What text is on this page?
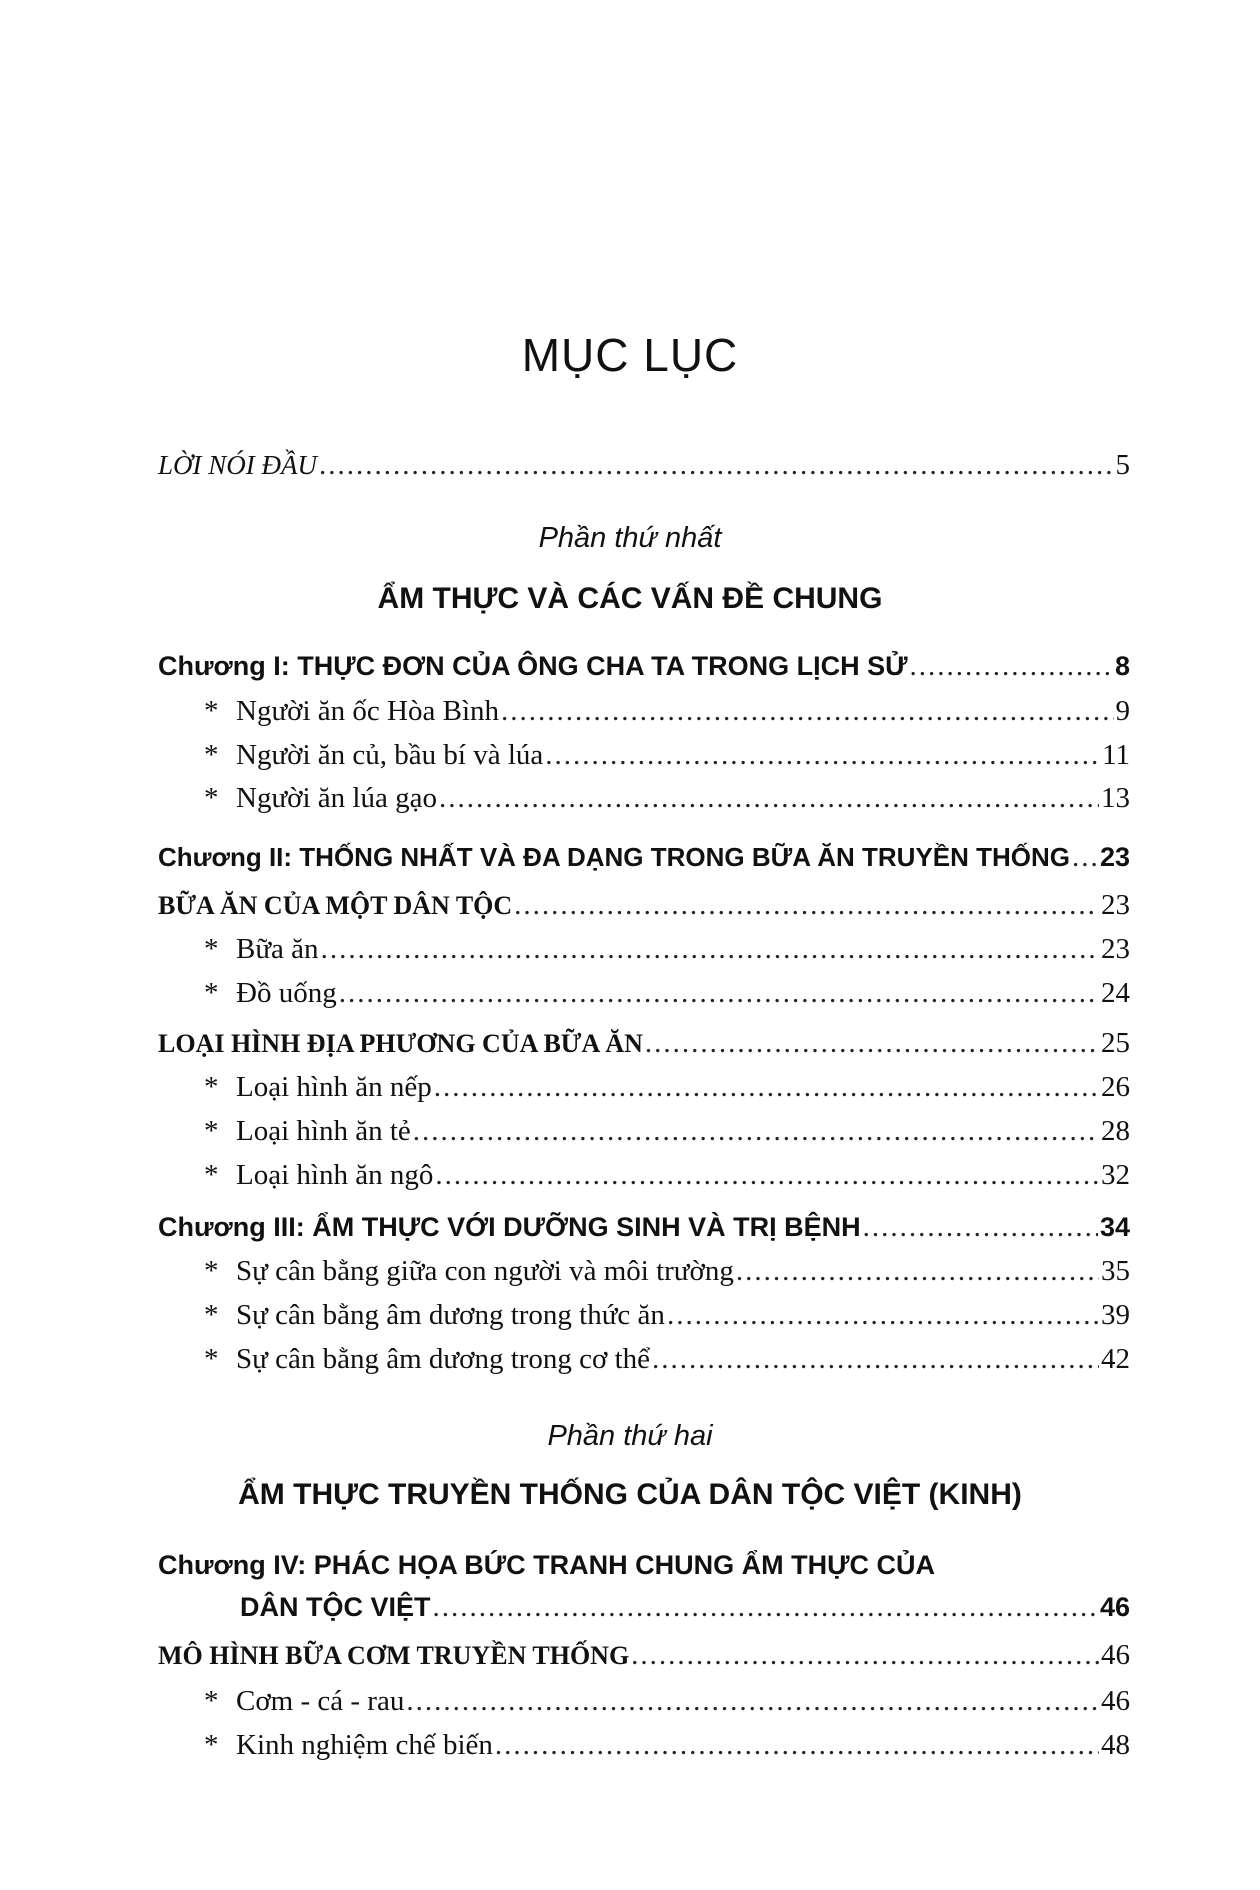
MỤC LỤC
LỜI NÓI ĐẦU .....	5
Phần thứ nhất
ẨM THỰC VÀ CÁC VẤN ĐỀ CHUNG
Chương I: THỰC ĐƠN CỦA ÔNG CHA TA TRONG LỊCH SỬ .....	8
* Người ăn ốc Hòa Bình .....	9
* Người ăn củ, bầu bí và lúa .....	11
* Người ăn lúa gạo .....	13
Chương II: THỐNG NHẤT VÀ ĐA DẠNG TRONG BỮA ĂN TRUYỀN THỐNG ..... 23
BỮA ĂN CỦA MỘT DÂN TỘC .....	23
* Bữa ăn .....	23
* Đồ uống .....	24
LOẠI HÌNH ĐỊA PHƯƠNG CỦA BỮA ĂN .....	25
* Loại hình ăn nếp .....	26
* Loại hình ăn tẻ .....	28
* Loại hình ăn ngô .....	32
Chương III: ẨM THỰC VỚI DƯỠNG SINH VÀ TRỊ BỆNH .....	34
* Sự cân bằng giữa con người và môi trường .....	35
* Sự cân bằng âm dương trong thức ăn .....	39
* Sự cân bằng âm dương trong cơ thể .....	42
Phần thứ hai
ẨM THỰC TRUYỀN THỐNG CỦA DÂN TỘC VIỆT (KINH)
Chương IV: PHÁC HỌA BỨC TRANH CHUNG ẨM THỰC CỦA
DÂN TỘC VIỆT .....	46
MÔ HÌNH BỮA CƠM TRUYỀN THỐNG .....	46
* Cơm - cá - rau .....	46
* Kinh nghiệm chế biến .....	48
